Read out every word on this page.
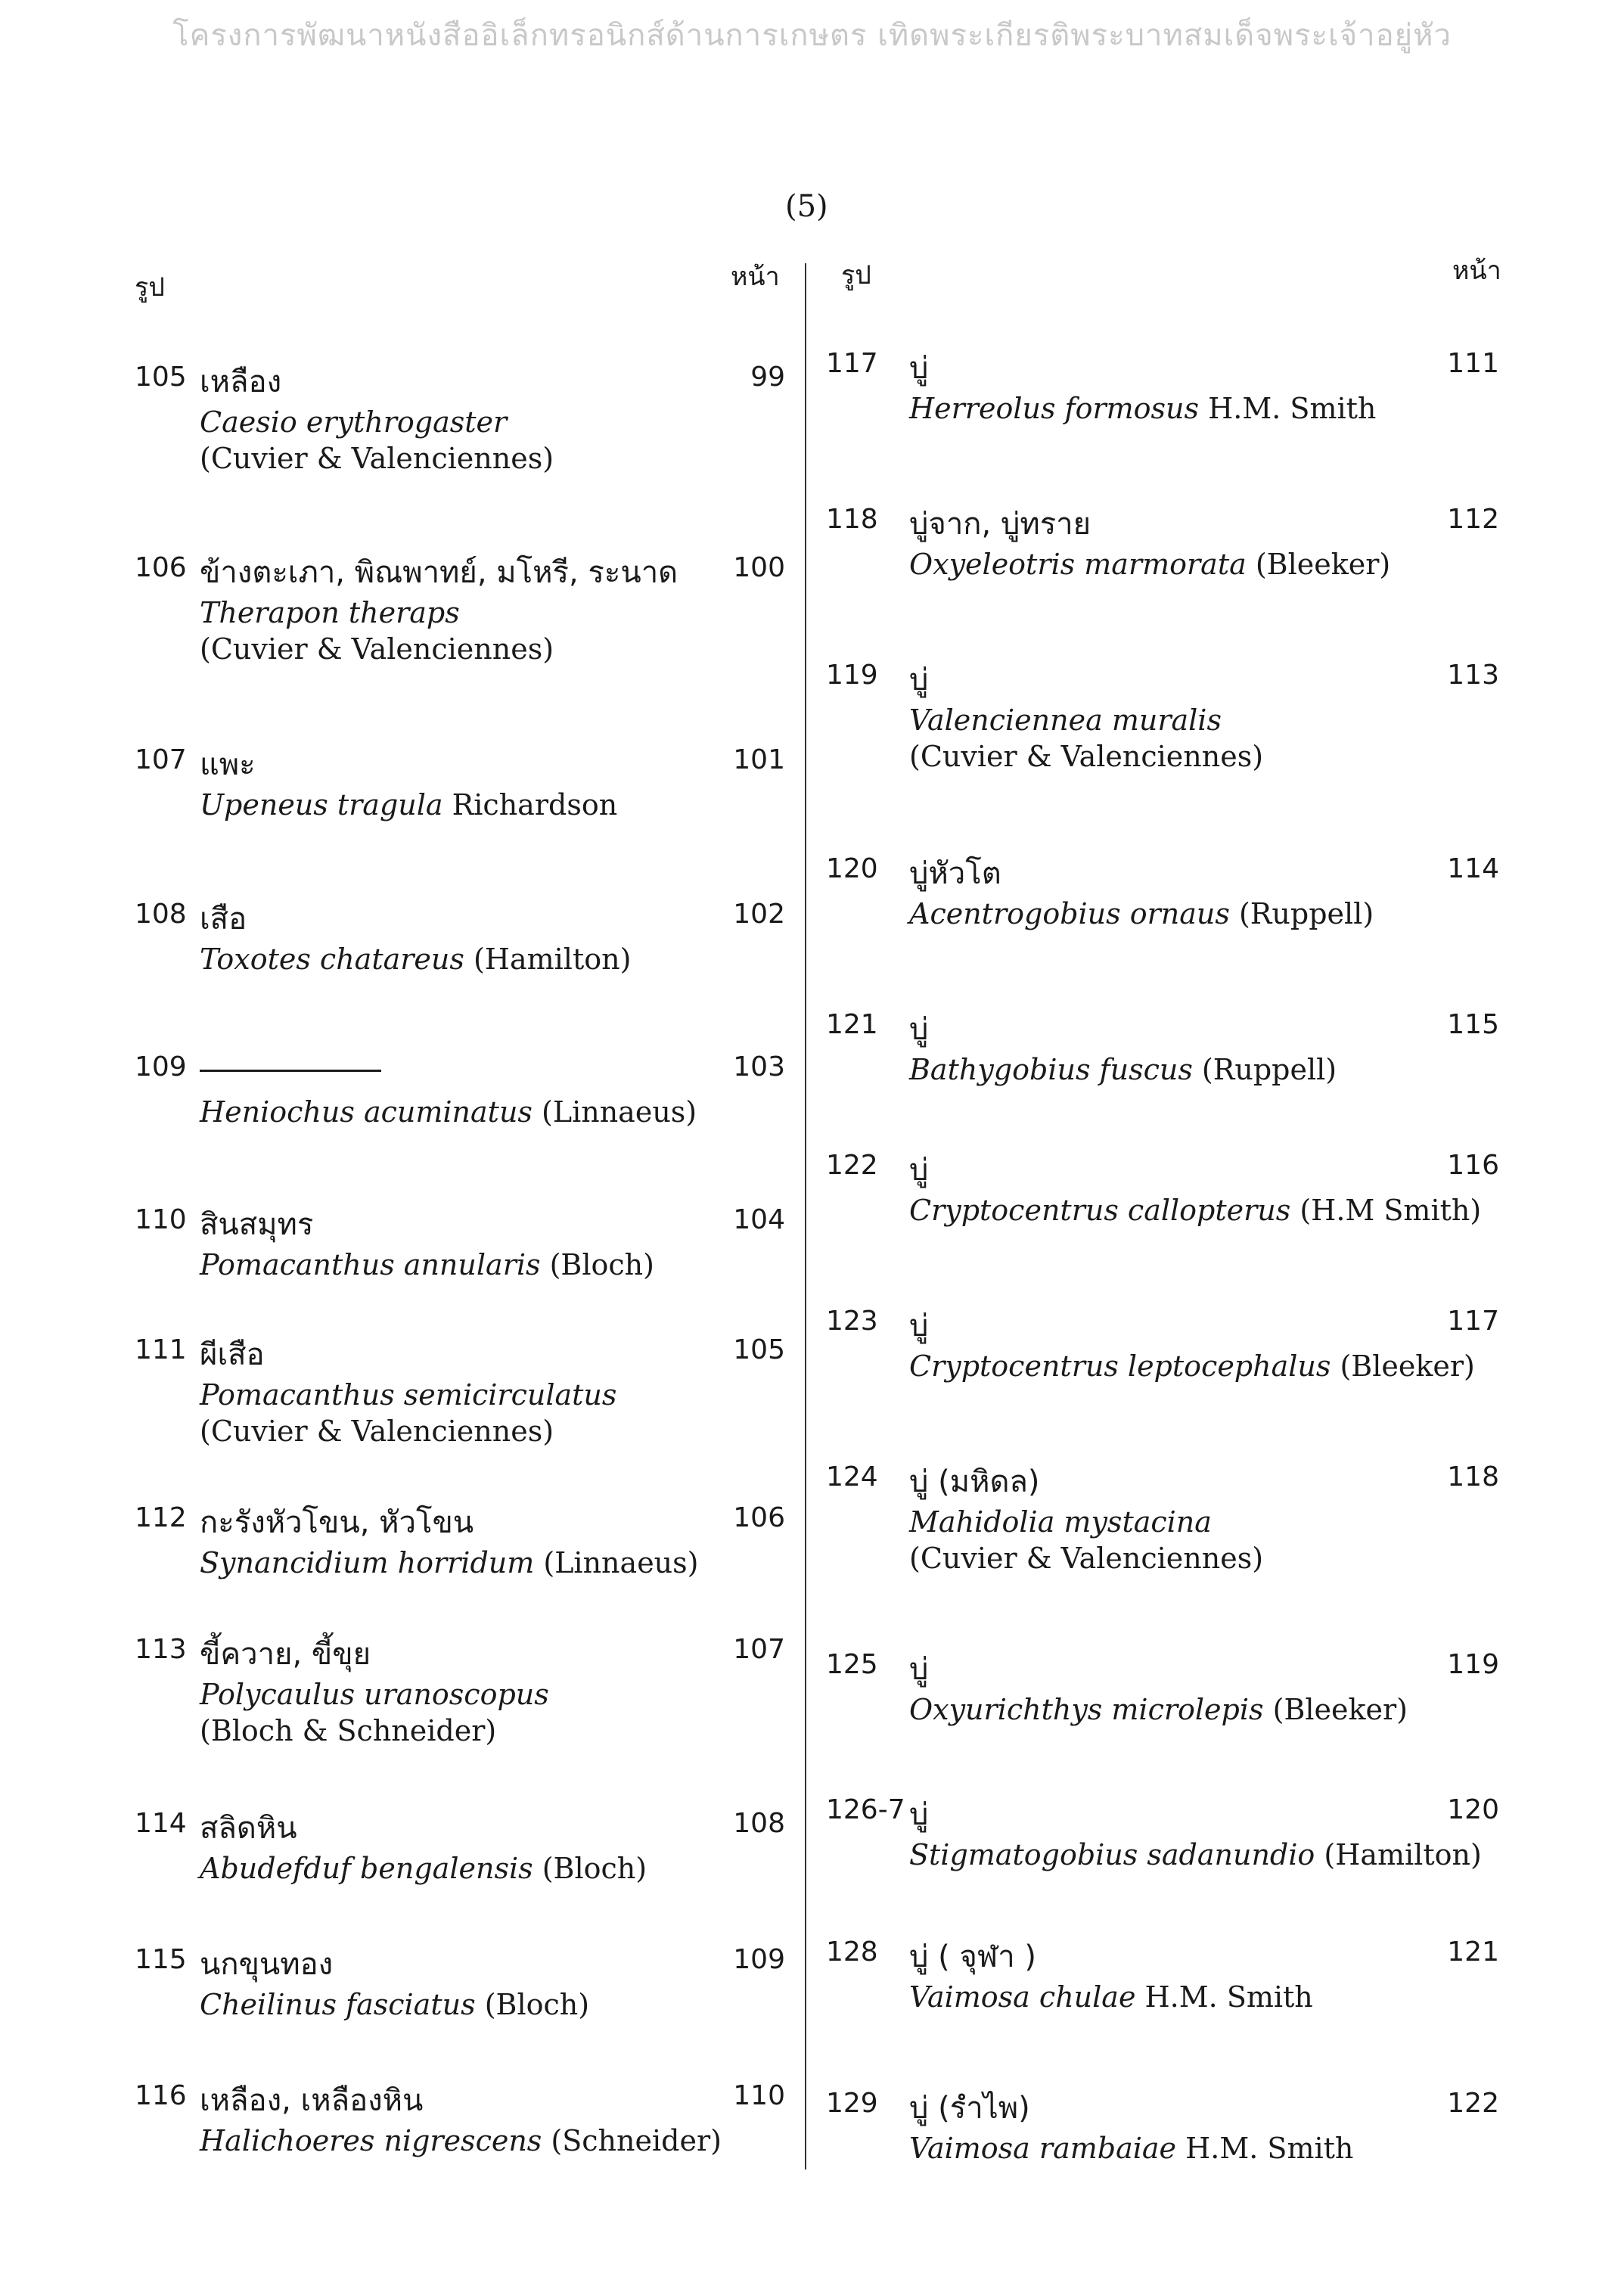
โครงการพัฒนาหนังสืออิเล็กทรอนิกส์ด้านการเกษตร เทิดพระเกียรติพระบาทสมเด็จพระเจ้าอยู่หัว
(5)
รูป	หน้า รูป	หน้า
105 เหลือง	99
Caesio erythrogaster
(Cuvier & Valenciennes)
106 ข้างตะเภา, พิณพาทย์, มโหรี, ระนาด 100
Therapon theraps
(Cuvier & Valenciennes)
107 แพะ	101
Upeneus tragula Richardson
108 เสือ	102
Toxotes chatareus (Hamilton)
109	103
Heniochus acuminatus (Linnaeus)
110 สินสมุทร	104
Pomacanthus annularis (Bloch)
111 ผีเสือ	105
Pomacanthus semicirculatus
(Cuvier & Valenciennes)
112 กะรังหัวโขน, หัวโขน	106
Synancidium horridum (Linnaeus)
113 ขี้ควาย, ขี้ขุย	107
Polycaulus uranoscopus
(Bloch & Schneider)
114 สลิดหิน	108
Abudefduf bengalensis (Bloch)
115 นกขุนทอง	109
Cheilinus fasciatus (Bloch)
116 เหลือง, เหลืองหิน	110
Halichoeres nigrescens (Schneider)
117 บู่	111
Herreolus formosus H.M. Smith
118 บู่จาก, บู่ทราย	112
Oxyeleotris marmorata (Bleeker)
119 บู่	113
Valenciennea muralis
(Cuvier & Valenciennes)
120 บู่หัวโต	114
Acentrogobius ornaus (Ruppell)
121 บู่	115
Bathygobius fuscus (Ruppell)
122 บู่	116
Cryptocentrus callopterus (H.M Smith)
123 บู่	117
Cryptocentrus leptocephalus (Bleeker)
124 บู่ (มหิดล)	118
Mahidolia mystacina
(Cuvier & Valenciennes)
125 บู่	119
Oxyurichthys microlepis (Bleeker)
126-7 บู่	120
Stigmatogobius sadanundio (Hamilton)
128 บู่ ( จุฬา )	121
Vaimosa chulae H.M. Smith
129 บู่ (รำไพ)	122
Vaimosa rambaiae H.M. Smith
